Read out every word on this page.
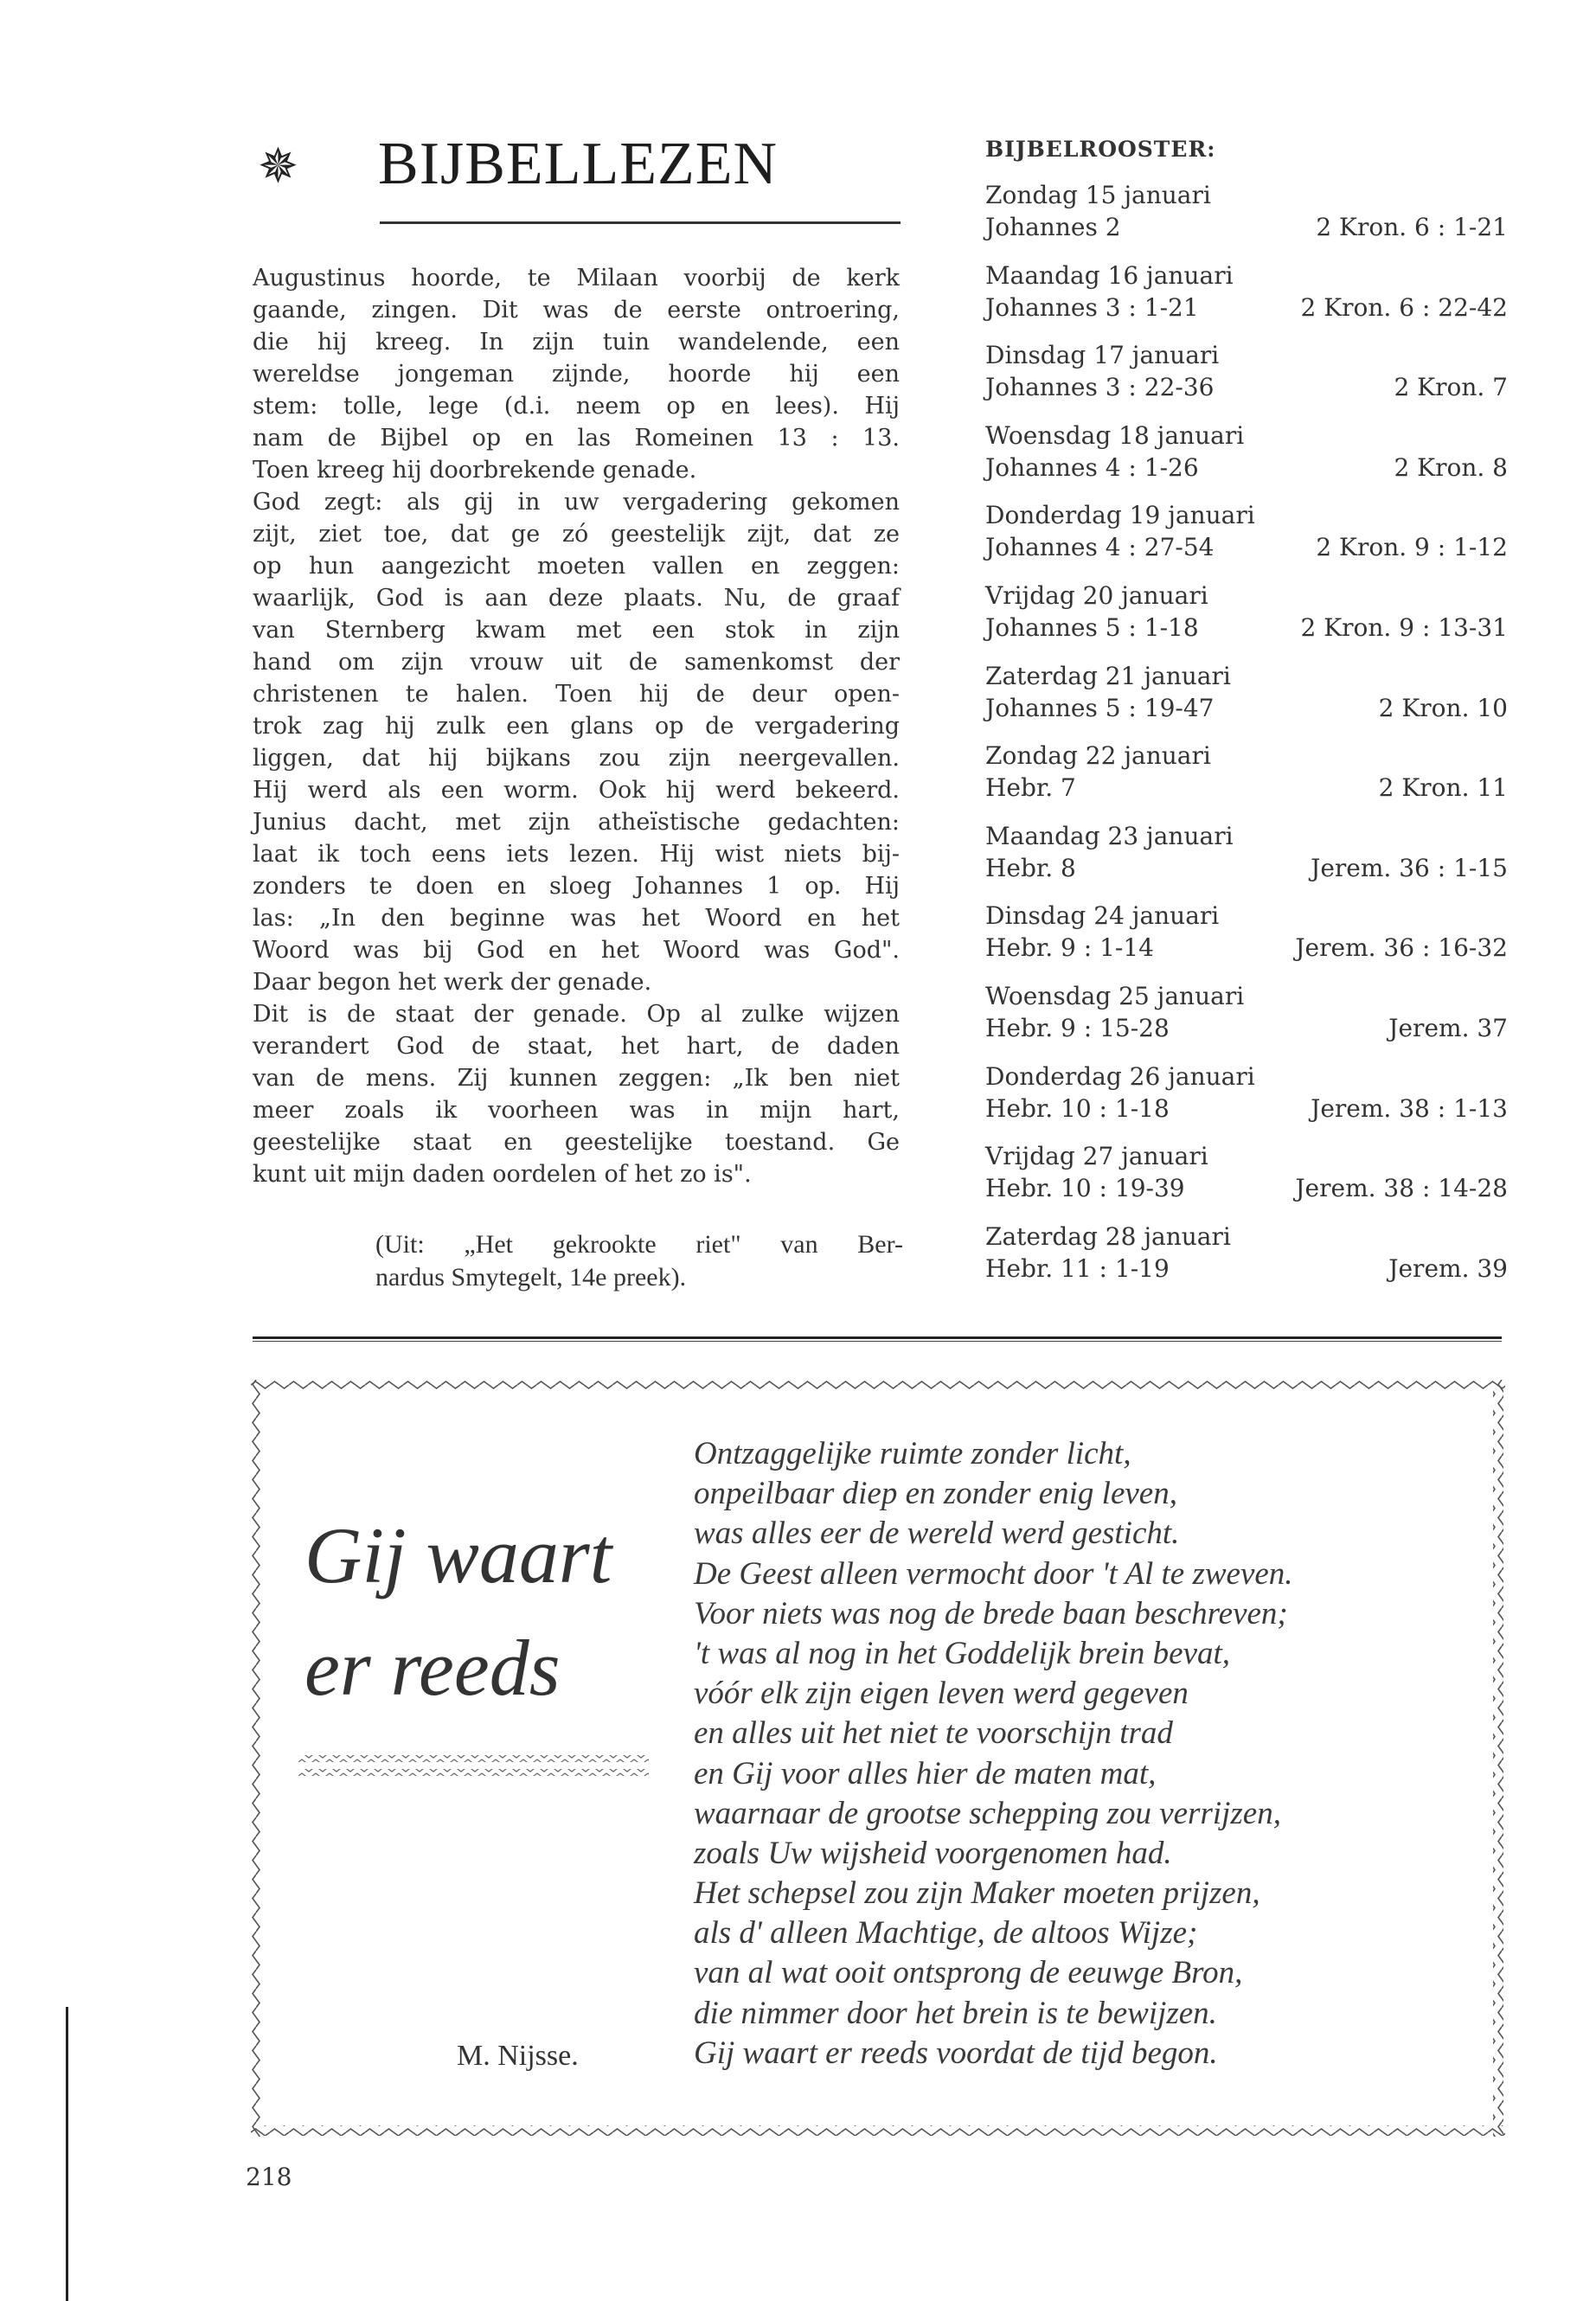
✵ BIJBELLEZEN
Augustinus hoorde, te Milaan voorbij de kerk
gaande, zingen. Dit was de eerste ontroering,
die hij kreeg. In zijn tuin wandelende, een
wereldse jongeman zijnde, hoorde hij een
stem: tolle, lege (d.i. neem op en lees). Hij
nam de Bijbel op en las Romeinen 13 : 13.
Toen kreeg hij doorbrekende genade.
God zegt: als gij in uw vergadering gekomen
zijt, ziet toe, dat ge zó geestelijk zijt, dat ze
op hun aangezicht moeten vallen en zeggen:
waarlijk, God is aan deze plaats. Nu, de graaf
van Sternberg kwam met een stok in zijn
hand om zijn vrouw uit de samenkomst der
christenen te halen. Toen hij de deur open-
trok zag hij zulk een glans op de vergadering
liggen, dat hij bijkans zou zijn neergevallen.
Hij werd als een worm. Ook hij werd bekeerd.
Junius dacht, met zijn atheïstische gedachten:
laat ik toch eens iets lezen. Hij wist niets bij-
zonders te doen en sloeg Johannes 1 op. Hij
las: „In den beginne was het Woord en het
Woord was bij God en het Woord was God".
Daar begon het werk der genade.
Dit is de staat der genade. Op al zulke wijzen
verandert God de staat, het hart, de daden
van de mens. Zij kunnen zeggen: „Ik ben niet
meer zoals ik voorheen was in mijn hart,
geestelijke staat en geestelijke toestand. Ge
kunt uit mijn daden oordelen of het zo is".
(Uit: „Het gekrookte riet" van Ber-
nardus Smytegelt, 14e preek).
BIJBELROOSTER:
Zondag 15 januari
Johannes 2	2 Kron. 6 : 1-21
Maandag 16 januari
Johannes 3 : 1-21	2 Kron. 6 : 22-42
Dinsdag 17 januari
Johannes 3 : 22-36	2 Kron. 7
Woensdag 18 januari
Johannes 4 : 1-26	2 Kron. 8
Donderdag 19 januari
Johannes 4 : 27-54	2 Kron. 9 : 1-12
Vrijdag 20 januari
Johannes 5 : 1-18	2 Kron. 9 : 13-31
Zaterdag 21 januari
Johannes 5 : 19-47	2 Kron. 10
Zondag 22 januari
Hebr. 7	2 Kron. 11
Maandag 23 januari
Hebr. 8	Jerem. 36 : 1-15
Dinsdag 24 januari
Hebr. 9 : 1-14	Jerem. 36 : 16-32
Woensdag 25 januari
Hebr. 9 : 15-28	Jerem. 37
Donderdag 26 januari
Hebr. 10 : 1-18	Jerem. 38 : 1-13
Vrijdag 27 januari
Hebr. 10 : 19-39	Jerem. 38 : 14-28
Zaterdag 28 januari
Hebr. 11 : 1-19	Jerem. 39
Gij waart
er reeds
M. Nijsse.
Ontzaggelijke ruimte zonder licht,
onpeilbaar diep en zonder enig leven,
was alles eer de wereld werd gesticht.
De Geest alleen vermocht door 't Al te zweven.
Voor niets was nog de brede baan beschreven;
't was al nog in het Goddelijk brein bevat,
vóór elk zijn eigen leven werd gegeven
en alles uit het niet te voorschijn trad
en Gij voor alles hier de maten mat,
waarnaar de grootse schepping zou verrijzen,
zoals Uw wijsheid voorgenomen had.
Het schepsel zou zijn Maker moeten prijzen,
als d' alleen Machtige, de altoos Wijze;
van al wat ooit ontsprong de eeuwge Bron,
die nimmer door het brein is te bewijzen.
Gij waart er reeds voordat de tijd begon.
218
